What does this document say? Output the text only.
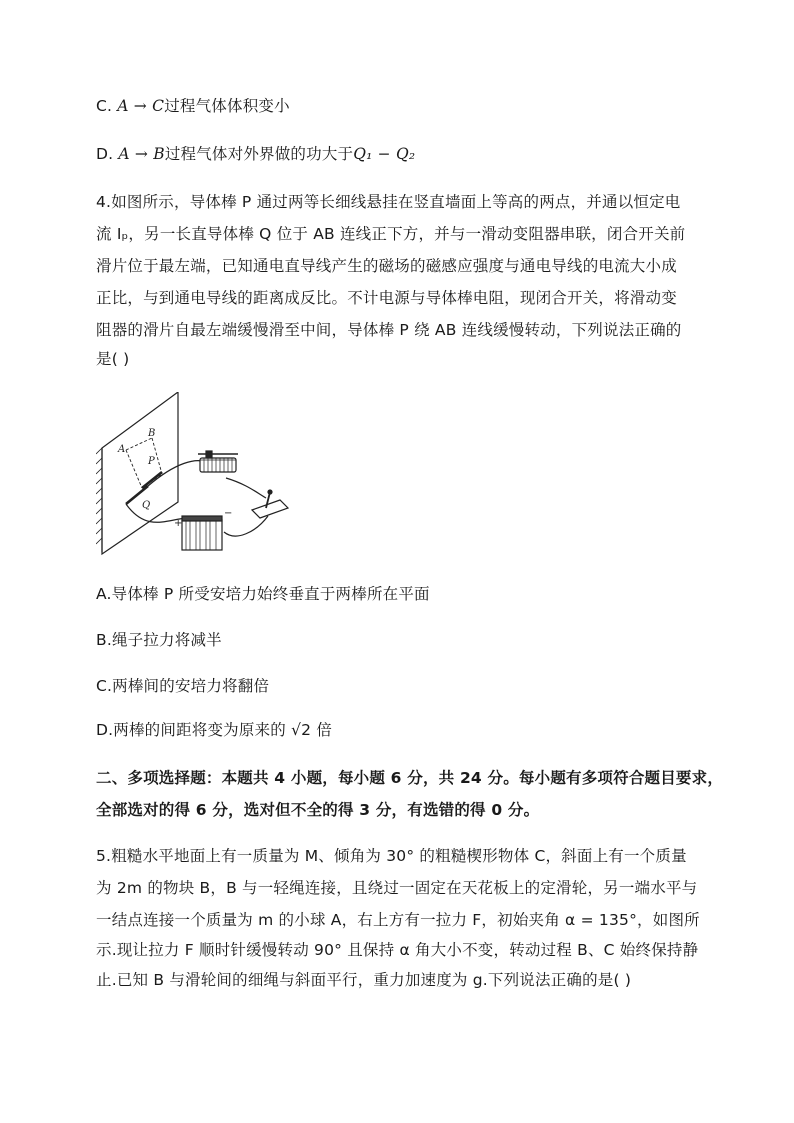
C. A → C过程气体体积变小
D. A → B过程气体对外界做的功大于Q₁ − Q₂
4.如图所示，导体棒 P 通过两等长细线悬挂在竖直墙面上等高的两点，并通以恒定电
流 Iₚ，另一长直导体棒 Q 位于 AB 连线正下方，并与一滑动变阻器串联，闭合开关前
滑片位于最左端，已知通电直导线产生的磁场的磁感应强度与通电导线的电流大小成
正比，与到通电导线的距离成反比。不计电源与导体棒电阻，现闭合开关，将滑动变
阻器的滑片自最左端缓慢滑至中间，导体棒 P 绕 AB 连线缓慢转动，下列说法正确的
是( )
A
B
P
Q
+
−
A.导体棒 P 所受安培力始终垂直于两棒所在平面
B.绳子拉力将减半
C.两棒间的安培力将翻倍
D.两棒的间距将变为原来的 √2 倍
二、多项选择题：本题共 4 小题，每小题 6 分，共 24 分。每小题有多项符合题目要求，
全部选对的得 6 分，选对但不全的得 3 分，有选错的得 0 分。
5.粗糙水平地面上有一质量为 M、倾角为 30° 的粗糙楔形物体 C，斜面上有一个质量
为 2m 的物块 B，B 与一轻绳连接，且绕过一固定在天花板上的定滑轮，另一端水平与
一结点连接一个质量为 m 的小球 A，右上方有一拉力 F，初始夹角 α = 135°，如图所
示.现让拉力 F 顺时针缓慢转动 90° 且保持 α 角大小不变，转动过程 B、C 始终保持静
止.已知 B 与滑轮间的细绳与斜面平行，重力加速度为 g.下列说法正确的是( )
